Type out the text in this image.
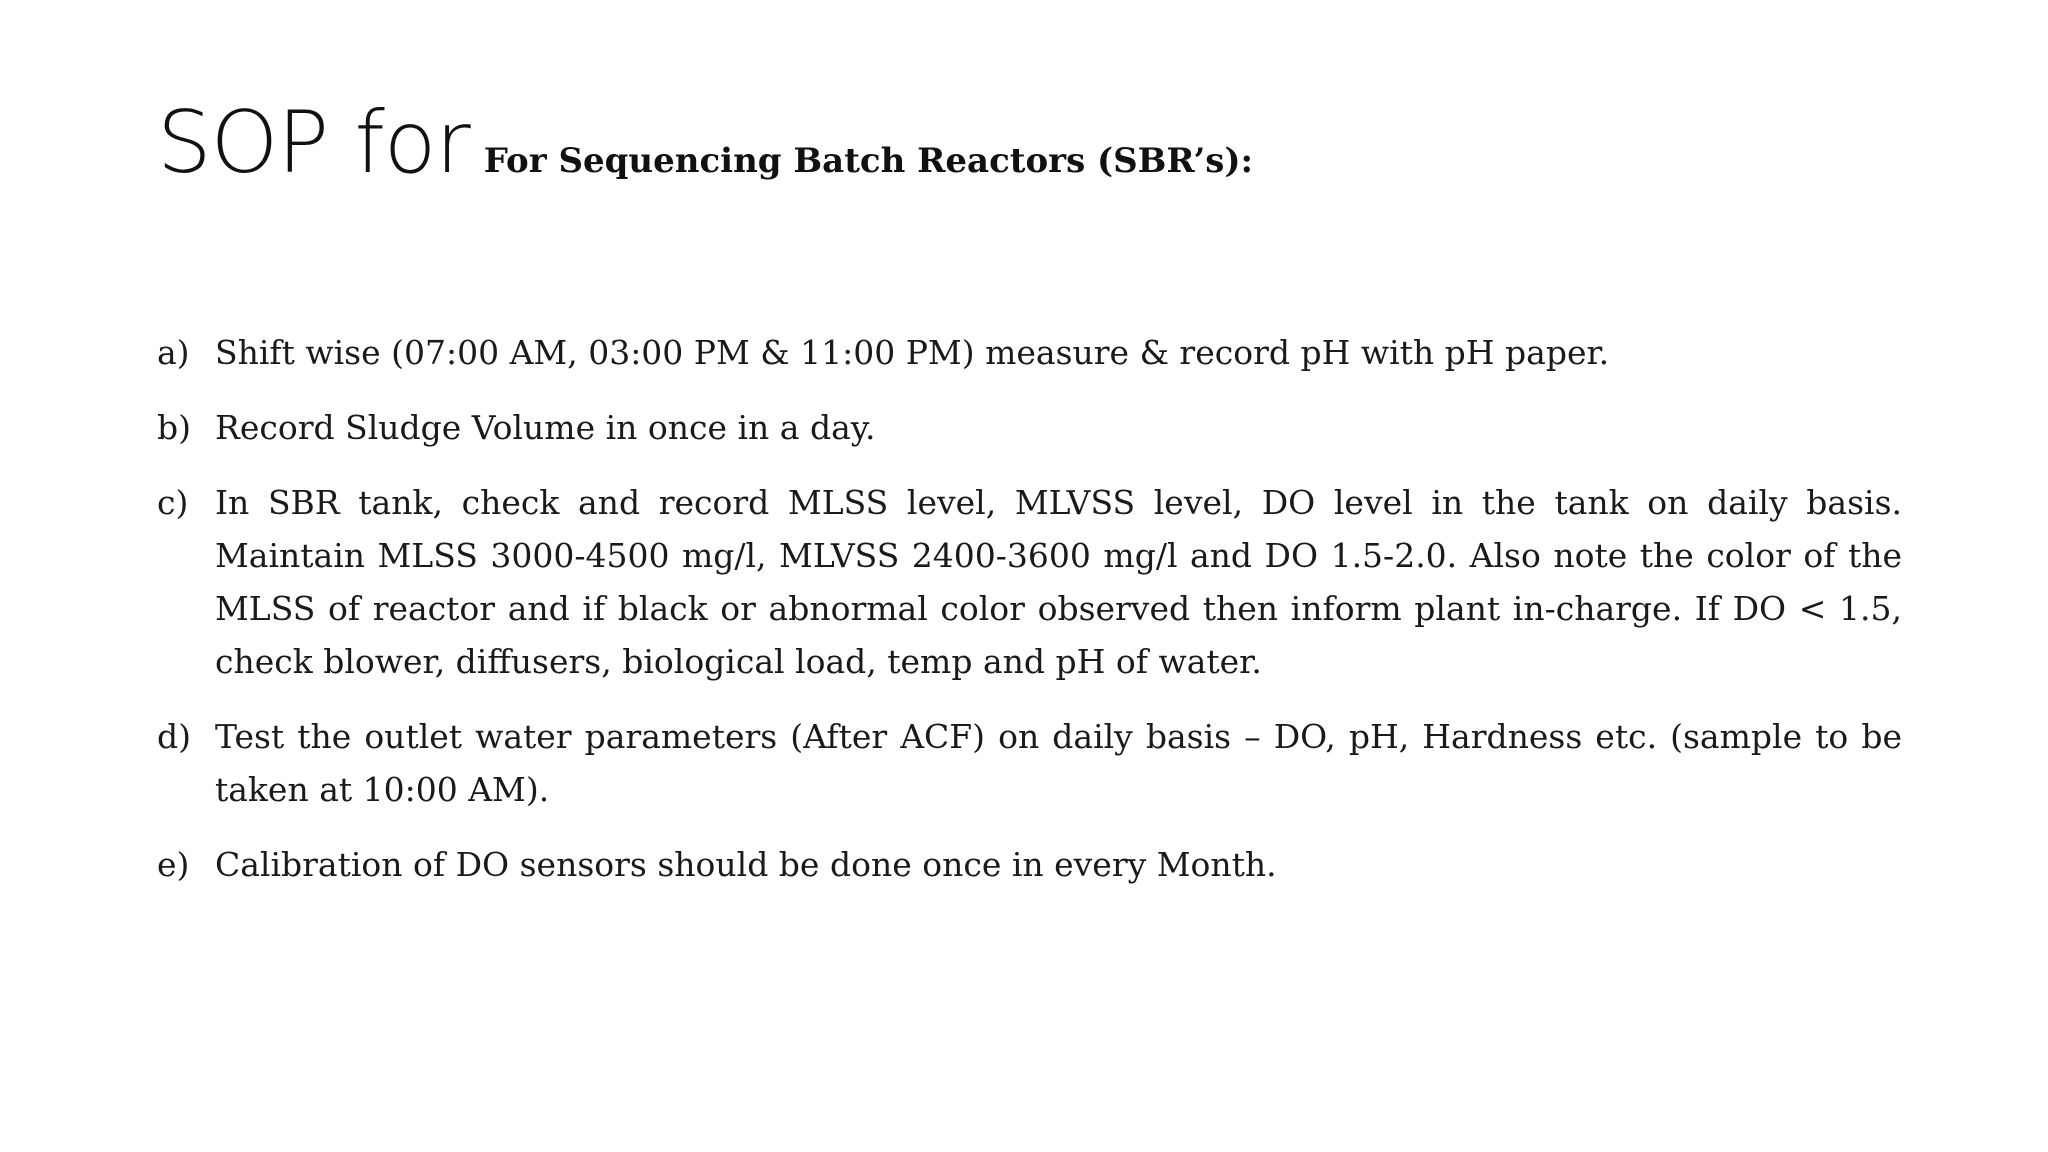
SOP for For Sequencing Batch Reactors (SBR’s):
a) Shift wise (07:00 AM, 03:00 PM & 11:00 PM) measure & record pH with pH paper.
b) Record Sludge Volume in once in a day.
c) In SBR tank, check and record MLSS level, MLVSS level, DO level in the tank on daily basis. Maintain MLSS 3000-4500 mg/l, MLVSS 2400-3600 mg/l and DO 1.5-2.0. Also note the color of the MLSS of reactor and if black or abnormal color observed then inform plant in-charge. If DO < 1.5, check blower, diffusers, biological load, temp and pH of water.
d) Test the outlet water parameters (After ACF) on daily basis – DO, pH, Hardness etc. (sample to be taken at 10:00 AM).
e) Calibration of DO sensors should be done once in every Month.
